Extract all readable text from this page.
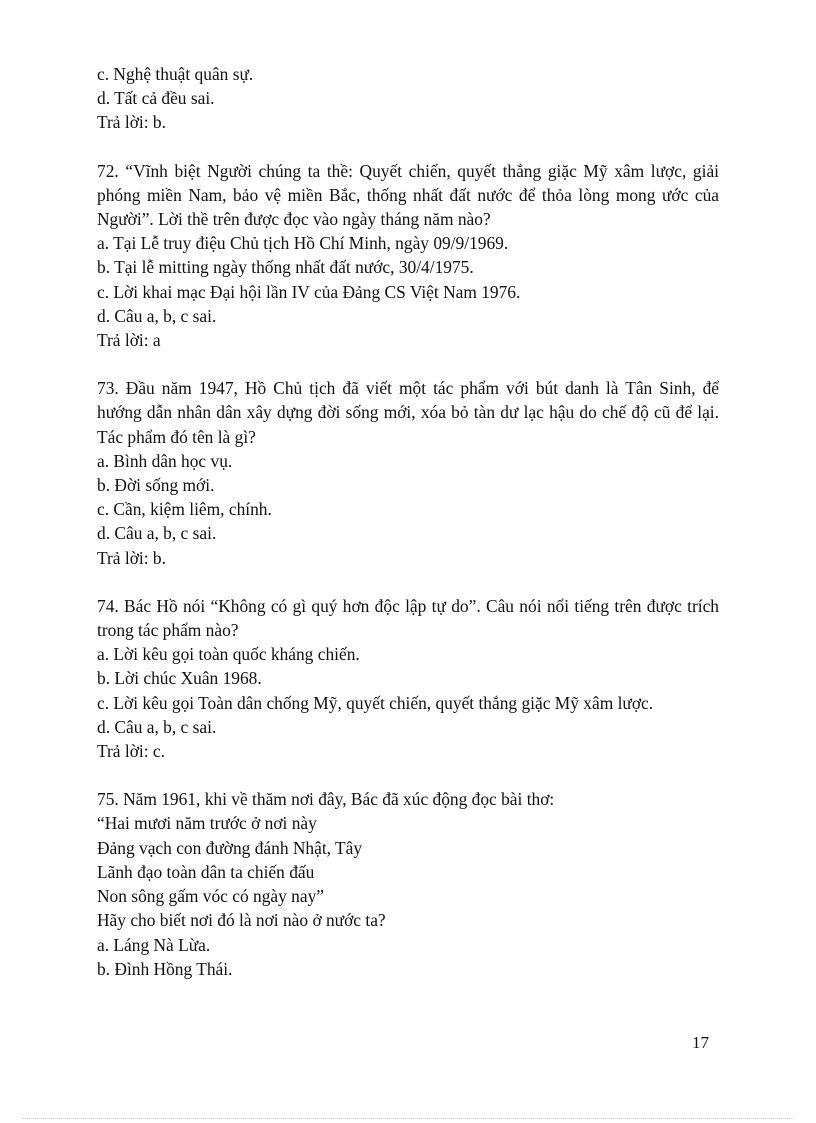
c. Nghệ thuật quân sự.

d. Tất cả đều sai.

Trả lời: b.

72. “Vĩnh biệt Người chúng ta thề: Quyết chiến, quyết thắng giặc Mỹ xâm lược, giải phóng miền Nam, bảo vệ miền Bắc, thống nhất đất nước để thỏa lòng mong ước của Người”. Lời thề trên được đọc vào ngày tháng năm nào?

a. Tại Lễ truy điệu Chủ tịch Hồ Chí Minh, ngày 09/9/1969.

b. Tại lễ mitting ngày thống nhất đất nước, 30/4/1975.

c. Lời khai mạc Đại hội lần IV của Đảng CS Việt Nam 1976.

d. Câu a, b, c sai.

Trả lời: a

73. Đầu năm 1947, Hồ Chủ tịch đã viết một tác phẩm với bút danh là Tân Sinh, để hướng dẫn nhân dân xây dựng đời sống mới, xóa bỏ tàn dư lạc hậu do chế độ cũ để lại. Tác phẩm đó tên là gì?

a. Bình dân học vụ.

b. Đời sống mới.

c. Cần, kiệm liêm, chính.

d. Câu a, b, c sai.

Trả lời: b.

74. Bác Hồ nói “Không có gì quý hơn độc lập tự do”. Câu nói nổi tiếng trên được trích trong tác phẩm nào?

a. Lời kêu gọi toàn quốc kháng chiến.

b. Lời chúc Xuân 1968.

c. Lời kêu gọi Toàn dân chống Mỹ, quyết chiến, quyết thắng giặc Mỹ xâm lược.

d. Câu a, b, c sai.

Trả lời: c.

75. Năm 1961, khi về thăm nơi đây, Bác đã xúc động đọc bài thơ:

“Hai mươi năm trước ở nơi này

Đảng vạch con đường đánh Nhật, Tây

Lãnh đạo toàn dân ta chiến đấu

Non sông gấm vóc có ngày nay”

Hãy cho biết nơi đó là nơi nào ở nước ta?

a. Láng Nà Lừa.

b. Đình Hồng Thái.

17
